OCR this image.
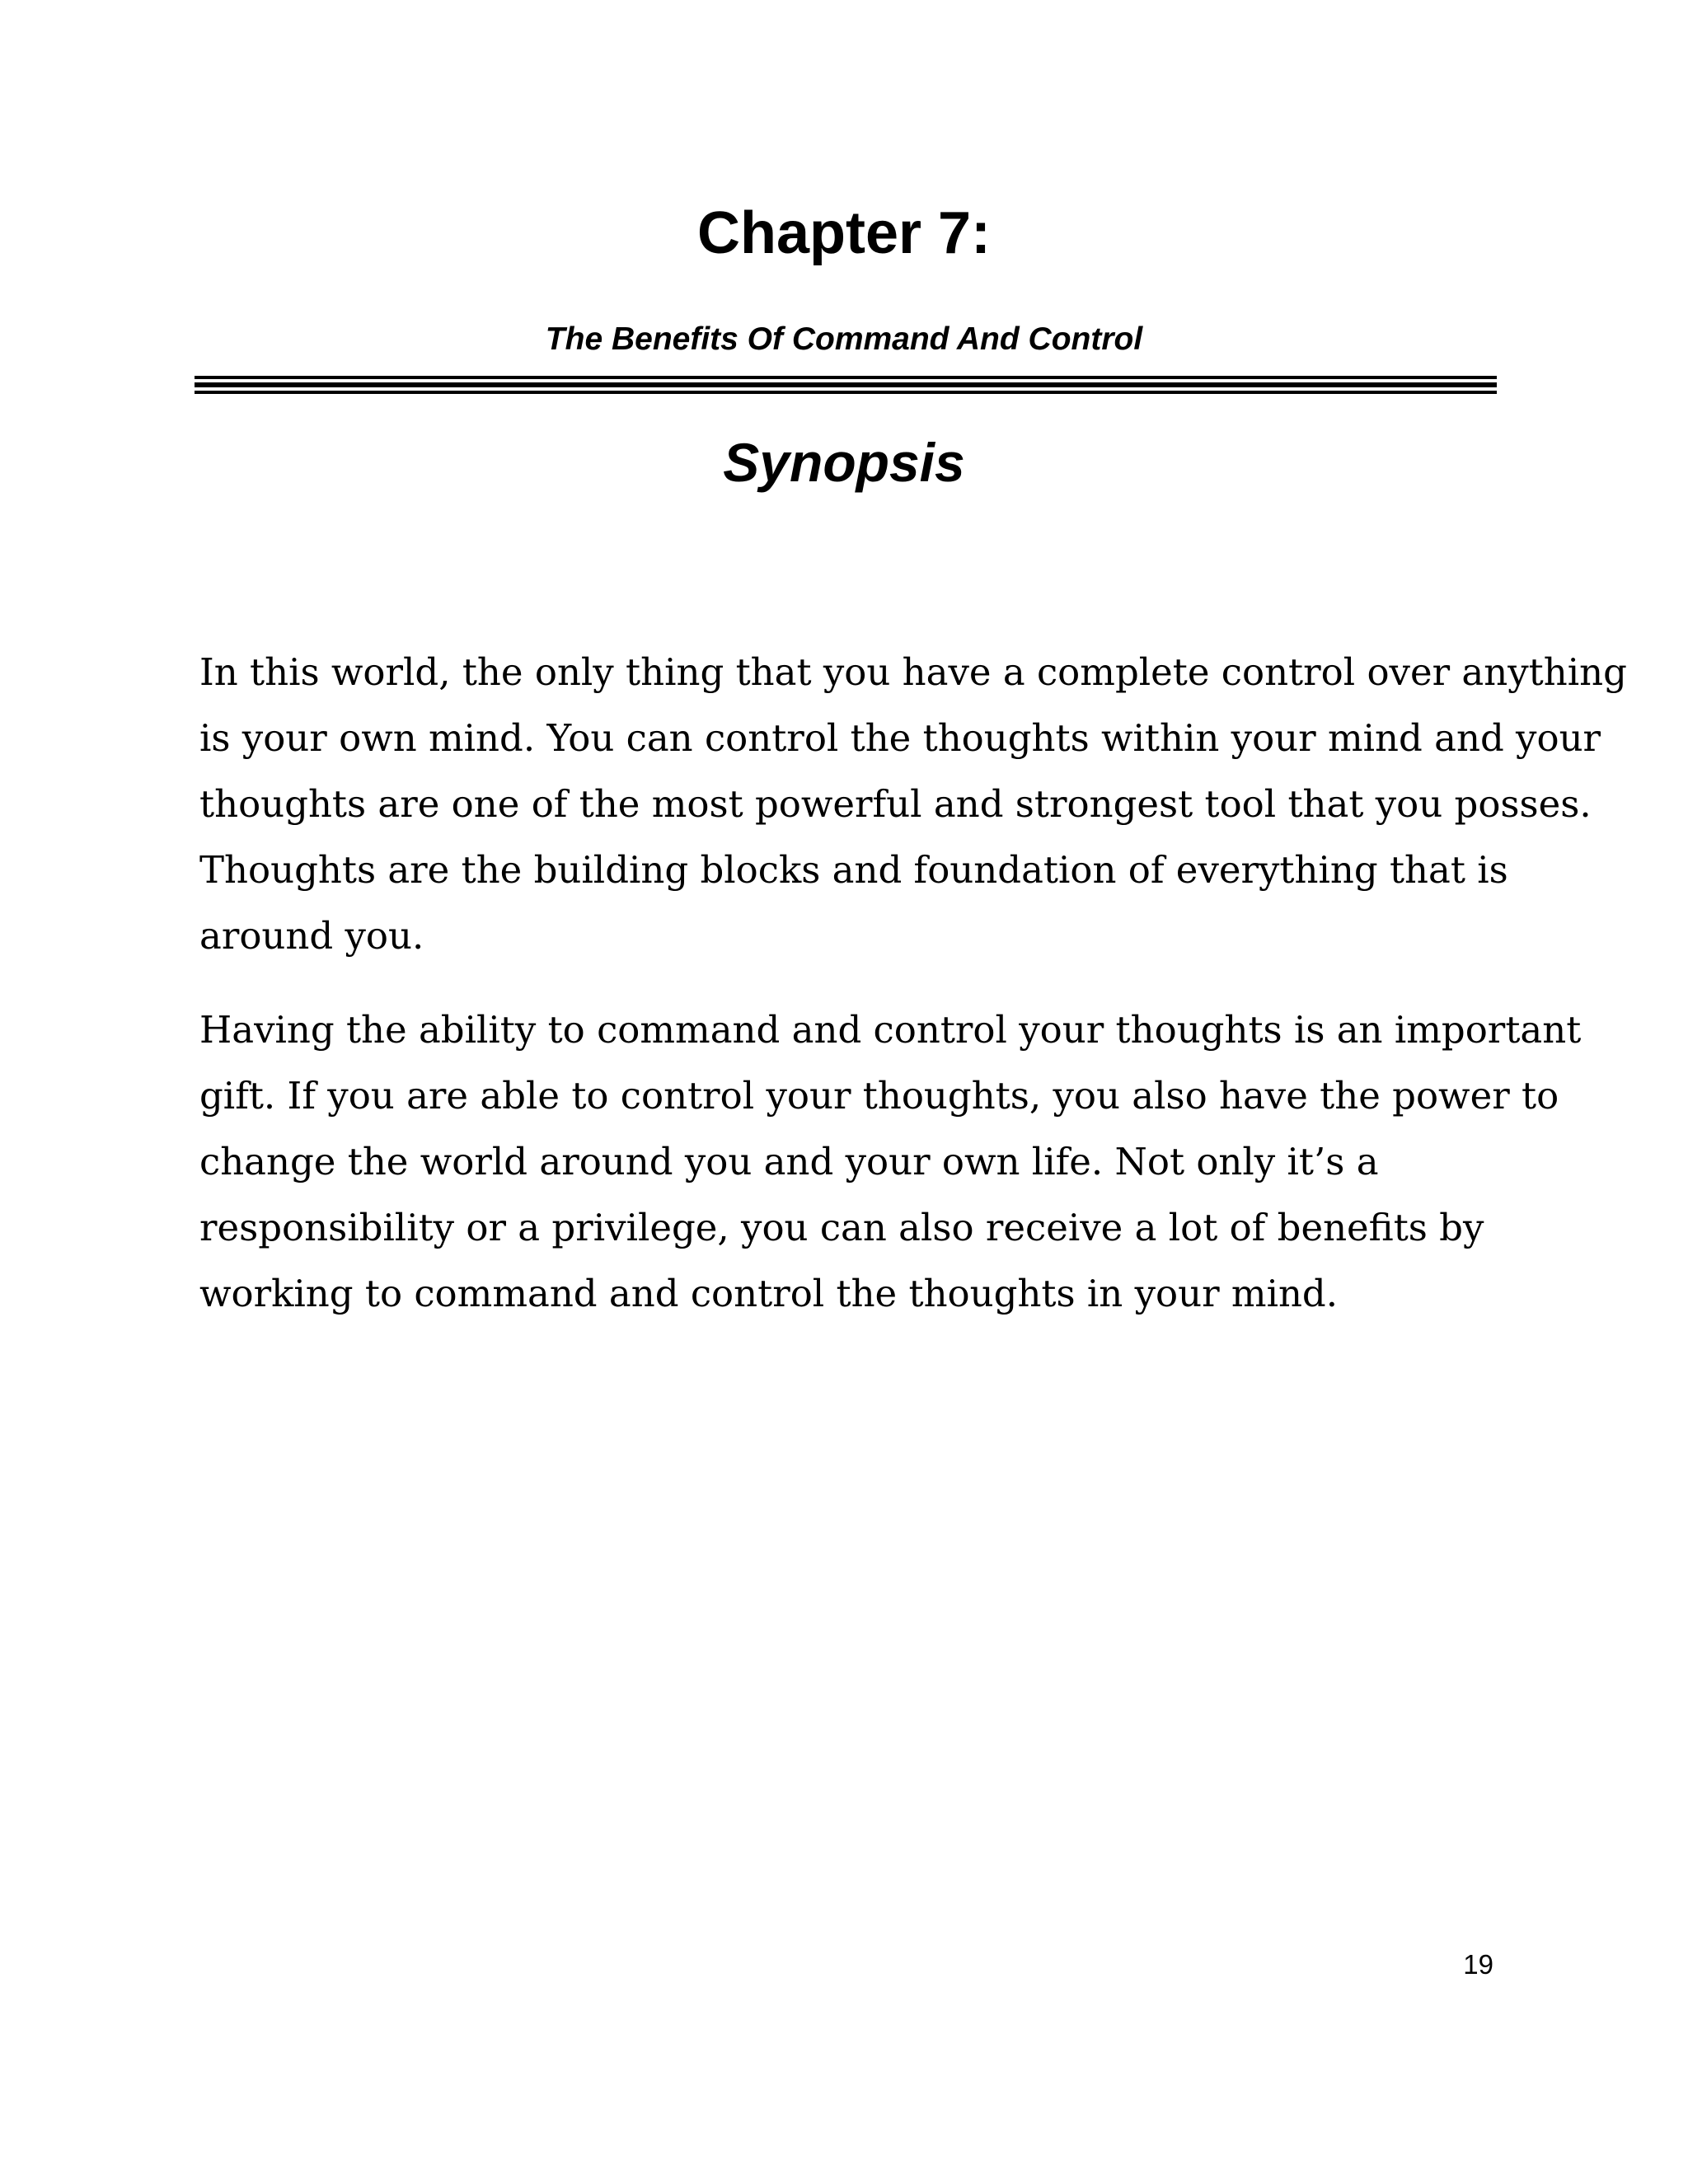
Chapter 7:
The Benefits Of Command And Control
Synopsis

In this world, the only thing that you have a complete control over anything
is your own mind. You can control the thoughts within your mind and your
thoughts are one of the most powerful and strongest tool that you posses.
Thoughts are the building blocks and foundation of everything that is
around you.

Having the ability to command and control your thoughts is an important
gift. If you are able to control your thoughts, you also have the power to
change the world around you and your own life. Not only it’s a
responsibility or a privilege, you can also receive a lot of benefits by
working to command and control the thoughts in your mind.

19
